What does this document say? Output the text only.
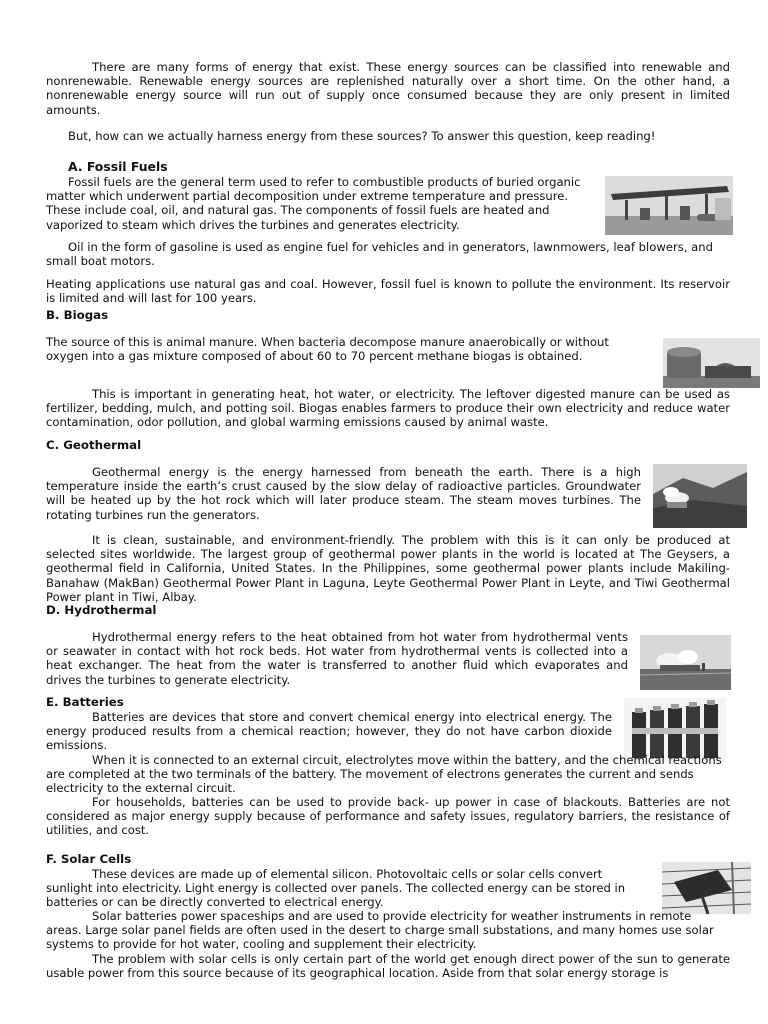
There are many forms of energy that exist. These energy sources can be classified into renewable and nonrenewable. Renewable energy sources are replenished naturally over a short time. On the other hand, a nonrenewable energy source will run out of supply once consumed because they are only present in limited amounts.

But, how can we actually harness energy from these sources? To answer this question, keep reading!

A. Fossil Fuels

Fossil fuels are the general term used to refer to combustible products of buried organic matter which underwent partial decomposition under extreme temperature and pressure. These include coal, oil, and natural gas. The components of fossil fuels are heated and vaporized to steam which drives the turbines and generates electricity.

Oil in the form of gasoline is used as engine fuel for vehicles and in generators, lawnmowers, leaf blowers, and small boat motors.

Heating applications use natural gas and coal. However, fossil fuel is known to pollute the environment. Its reservoir is limited and will last for 100 years.

B. Biogas

The source of this is animal manure. When bacteria decompose manure anaerobically or without oxygen into a gas mixture composed of about 60 to 70 percent methane biogas is obtained.

This is important in generating heat, hot water, or electricity. The leftover digested manure can be used as fertilizer, bedding, mulch, and potting soil. Biogas enables farmers to produce their own electricity and reduce water contamination, odor pollution, and global warming emissions caused by animal waste.

C. Geothermal

Geothermal energy is the energy harnessed from beneath the earth. There is a high temperature inside the earth’s crust caused by the slow delay of radioactive particles. Groundwater will be heated up by the hot rock which will later produce steam. The steam moves turbines. The rotating turbines run the generators.

It is clean, sustainable, and environment-friendly. The problem with this is it can only be produced at selected sites worldwide. The largest group of geothermal power plants in the world is located at The Geysers, a geothermal field in California, United States. In the Philippines, some geothermal power plants include Makiling-Banahaw (MakBan) Geothermal Power Plant in Laguna, Leyte Geothermal Power Plant in Leyte, and Tiwi Geothermal Power plant in Tiwi, Albay.

D. Hydrothermal

Hydrothermal energy refers to the heat obtained from hot water from hydrothermal vents or seawater in contact with hot rock beds. Hot water from hydrothermal vents is collected into a heat exchanger. The heat from the water is transferred to another fluid which evaporates and drives the turbines to generate electricity.

E. Batteries

Batteries are devices that store and convert chemical energy into electrical energy. The energy produced results from a chemical reaction; however, they do not have carbon dioxide emissions.

When it is connected to an external circuit, electrolytes move within the battery, and the chemical reactions are completed at the two terminals of the battery. The movement of electrons generates the current and sends electricity to the external circuit.

For households, batteries can be used to provide back- up power in case of blackouts. Batteries are not considered as major energy supply because of performance and safety issues, regulatory barriers, the resistance of utilities, and cost.

F. Solar Cells

These devices are made up of elemental silicon. Photovoltaic cells or solar cells convert sunlight into electricity. Light energy is collected over panels. The collected energy can be stored in batteries or can be directly converted to electrical energy.

Solar batteries power spaceships and are used to provide electricity for weather instruments in remote areas. Large solar panel fields are often used in the desert to charge small substations, and many homes use solar systems to provide for hot water, cooling and supplement their electricity.

The problem with solar cells is only certain part of the world get enough direct power of the sun to generate usable power from this source because of its geographical location. Aside from that solar energy storage is
